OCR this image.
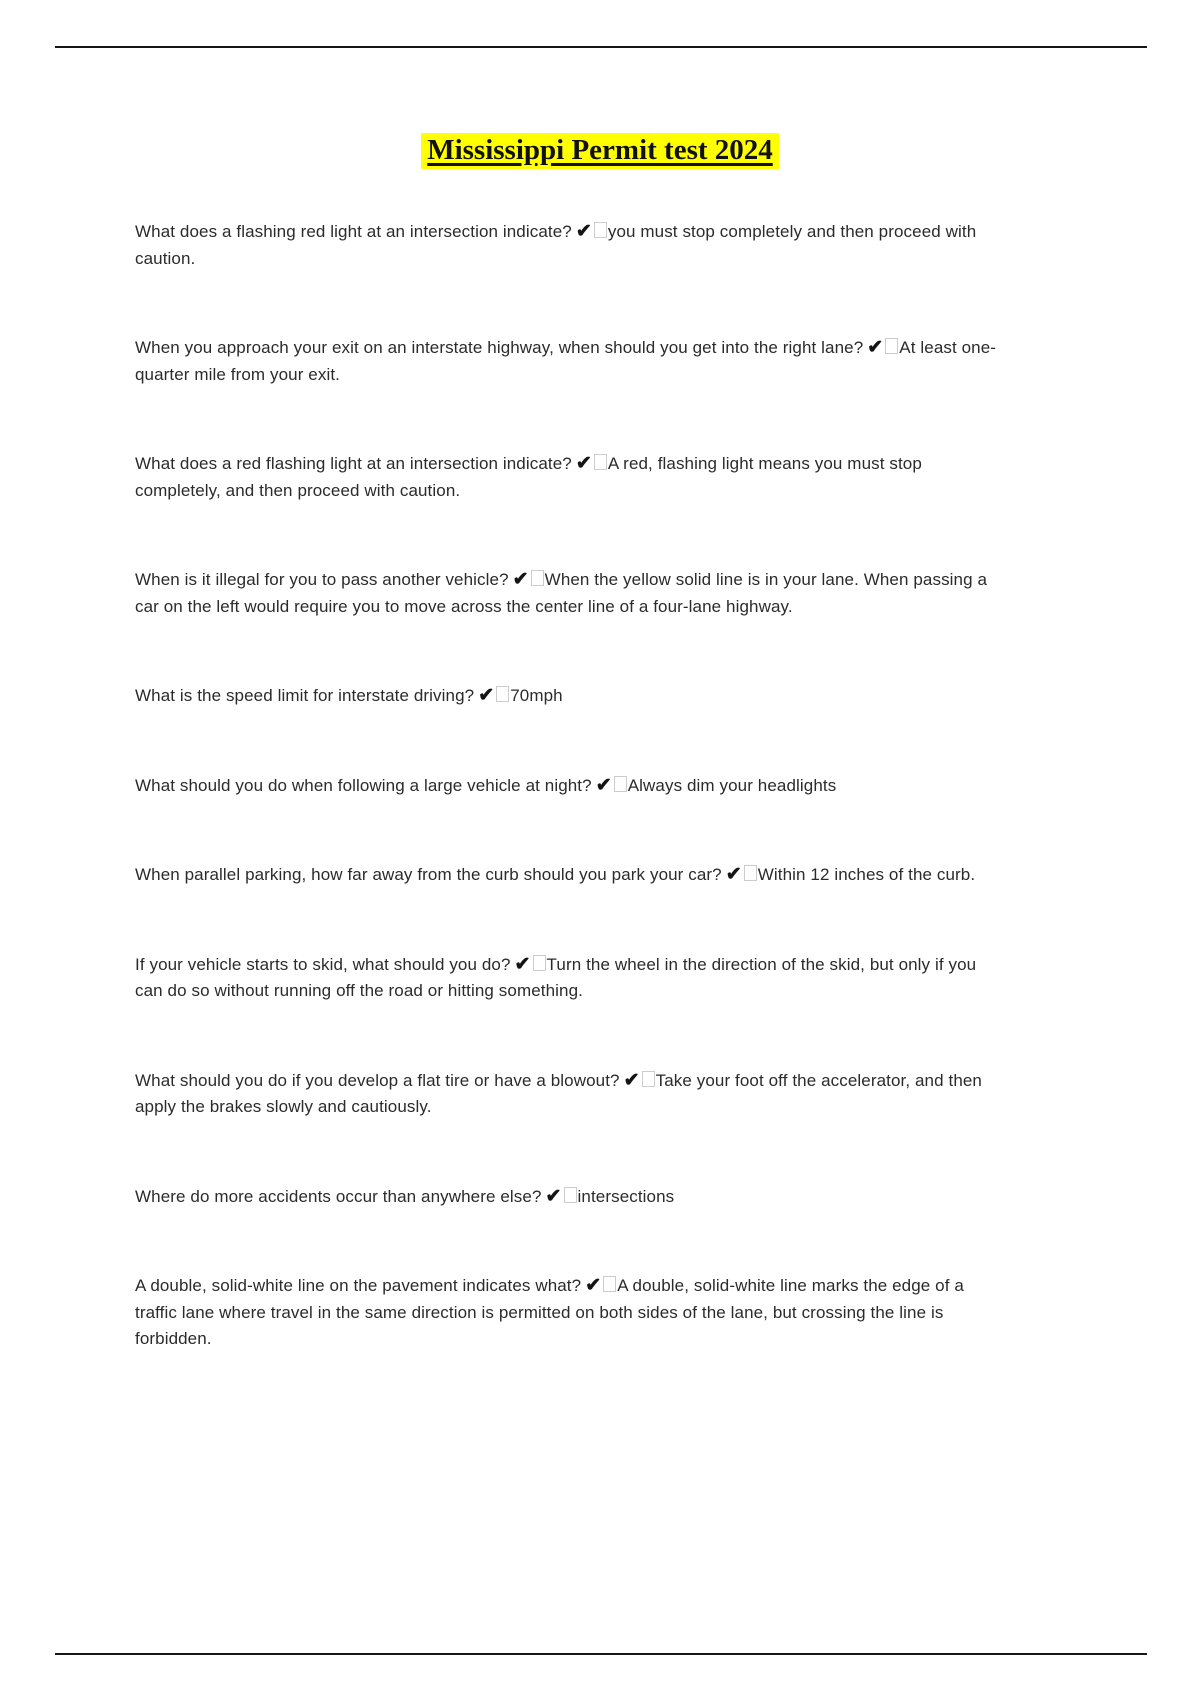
Mississippi Permit test 2024
What does a flashing red light at an intersection indicate? ✔ you must stop completely and then proceed with caution.
When you approach your exit on an interstate highway, when should you get into the right lane? ✔ At least one-quarter mile from your exit.
What does a red flashing light at an intersection indicate? ✔ A red, flashing light means you must stop completely, and then proceed with caution.
When is it illegal for you to pass another vehicle? ✔ When the yellow solid line is in your lane. When passing a car on the left would require you to move across the center line of a four-lane highway.
What is the speed limit for interstate driving? ✔ 70mph
What should you do when following a large vehicle at night? ✔ Always dim your headlights
When parallel parking, how far away from the curb should you park your car? ✔ Within 12 inches of the curb.
If your vehicle starts to skid, what should you do? ✔ Turn the wheel in the direction of the skid, but only if you can do so without running off the road or hitting something.
What should you do if you develop a flat tire or have a blowout? ✔ Take your foot off the accelerator, and then apply the brakes slowly and cautiously.
Where do more accidents occur than anywhere else? ✔ intersections
A double, solid-white line on the pavement indicates what? ✔ A double, solid-white line marks the edge of a traffic lane where travel in the same direction is permitted on both sides of the lane, but crossing the line is forbidden.
